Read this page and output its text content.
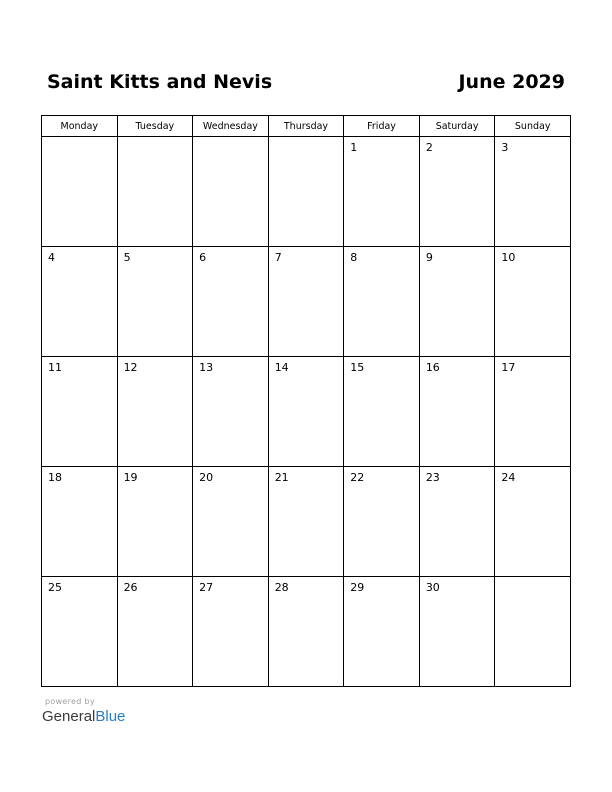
Saint Kitts and Nevis	June 2029
Monday	Tuesday	Wednesday	Thursday	Friday	Saturday	Sunday

				1	2	3

4	5	6	7	8	9	10

11	12	13	14	15	16	17

18	19	20	21	22	23	24

25	26	27	28	29	30	

powered by
GeneralBlue
